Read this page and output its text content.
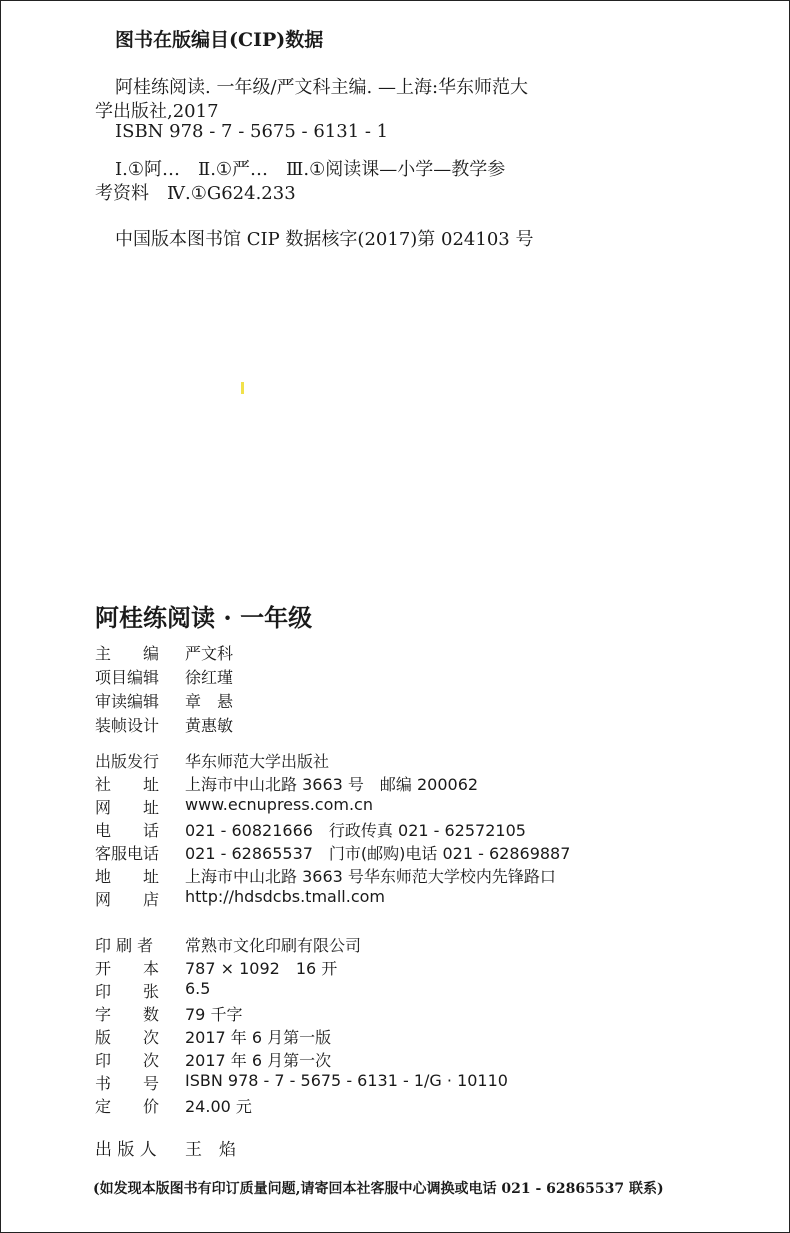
图书在版编目(CIP)数据
阿桂练阅读. 一年级/严文科主编. —上海:华东师范大
学出版社,2017
ISBN 978 - 7 - 5675 - 6131 - 1
Ⅰ.①阿…　Ⅱ.①严…　Ⅲ.①阅读课—小学—教学参
考资料　Ⅳ.①G624.233
中国版本图书馆 CIP 数据核字(2017)第 024103 号
阿桂练阅读 · 一年级
主　　编	严文科
项目编辑	徐红瑾
审读编辑	章　悬
装帧设计	黄惠敏
出版发行	华东师范大学出版社
社　　址	上海市中山北路 3663 号　邮编 200062
网　　址	www.ecnupress.com.cn
电　　话	021 - 60821666　行政传真 021 - 62572105
客服电话	021 - 62865537　门市(邮购)电话 021 - 62869887
地　　址	上海市中山北路 3663 号华东师范大学校内先锋路口
网　　店	http://hdsdcbs.tmall.com
印 刷 者	常熟市文化印刷有限公司
开　　本	787 × 1092　16 开
印　　张	6.5
字　　数	79 千字
版　　次	2017 年 6 月第一版
印　　次	2017 年 6 月第一次
书　　号	ISBN 978 - 7 - 5675 - 6131 - 1/G · 10110
定　　价	24.00 元
出 版 人	王　焰
(如发现本版图书有印订质量问题,请寄回本社客服中心调换或电话 021 - 62865537 联系)
